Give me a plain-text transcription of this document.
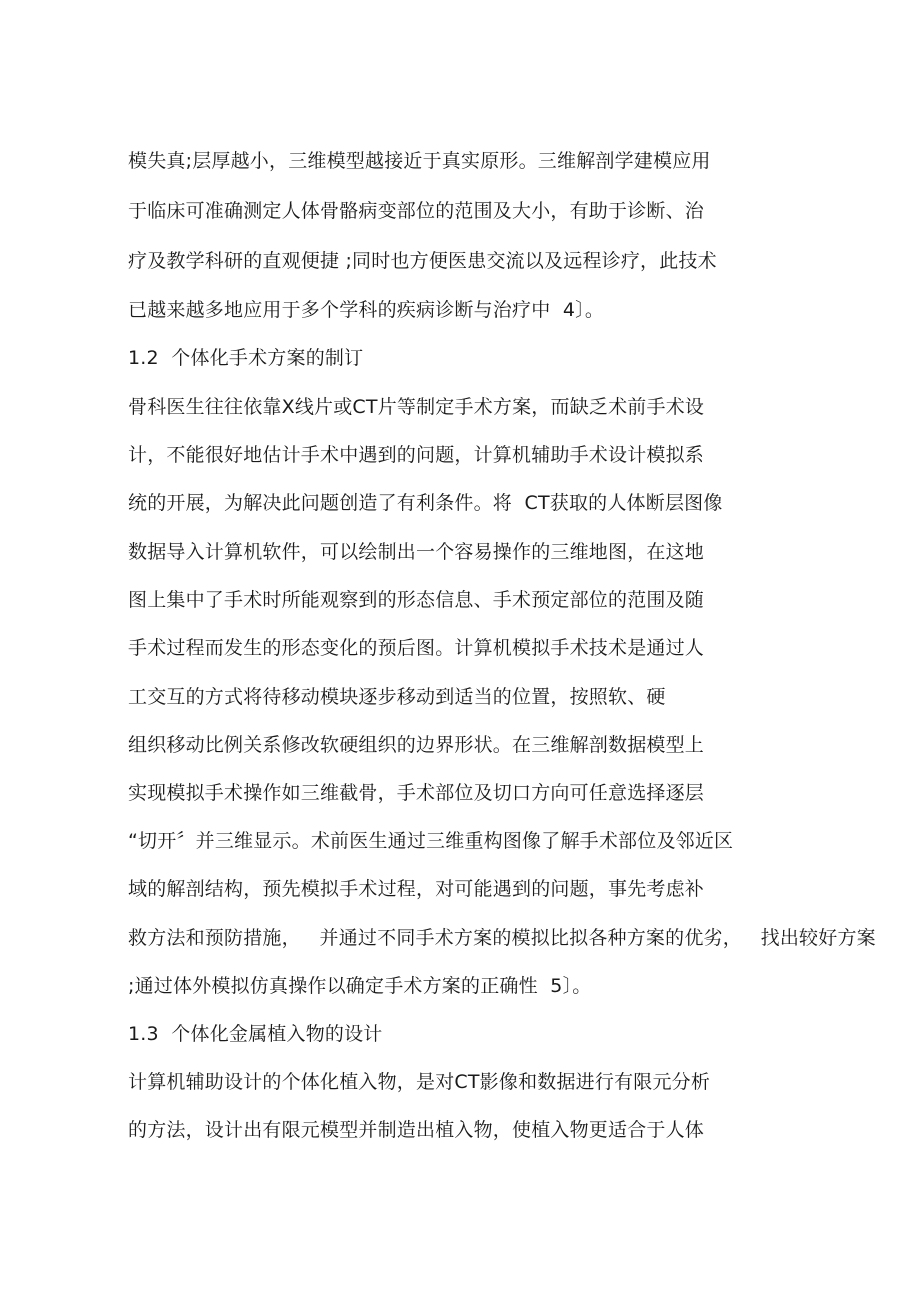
模失真;层厚越小，三维模型越接近于真实原形。三维解剖学建模应用
于临床可准确测定人体骨骼病变部位的范围及大小，有助于诊断、治
疗及教学科研的直观便捷 ;同时也方便医患交流以及远程诊疗，此技术
已越来越多地应用于多个学科的疾病诊断与治疗中  4〕。
1.2  个体化手术方案的制订
骨科医生往往依靠X线片或CT片等制定手术方案，而缺乏术前手术设
计，不能很好地估计手术中遇到的问题，计算机辅助手术设计模拟系
统的开展，为解决此问题创造了有利条件。将  CT获取的人体断层图像
数据导入计算机软件，可以绘制出一个容易操作的三维地图，在这地
图上集中了手术时所能观察到的形态信息、手术预定部位的范围及随
手术过程而发生的形态变化的预后图。计算机模拟手术技术是通过人
工交互的方式将待移动模块逐步移动到适当的位置，按照软、硬
组织移动比例关系修改软硬组织的边界形状。在三维解剖数据模型上
实现模拟手术操作如三维截骨，手术部位及切口方向可任意选择逐层
“切开〞并三维显示。术前医生通过三维重构图像了解手术部位及邻近区
域的解剖结构，预先模拟手术过程，对可能遇到的问题，事先考虑补
救方法和预防措施，   并通过不同手术方案的模拟比拟各种方案的优劣，   找出较好方案
;通过体外模拟仿真操作以确定手术方案的正确性  5〕。
1.3  个体化金属植入物的设计
计算机辅助设计的个体化植入物，是对CT影像和数据进行有限元分析
的方法，设计出有限元模型并制造出植入物，使植入物更适合于人体
